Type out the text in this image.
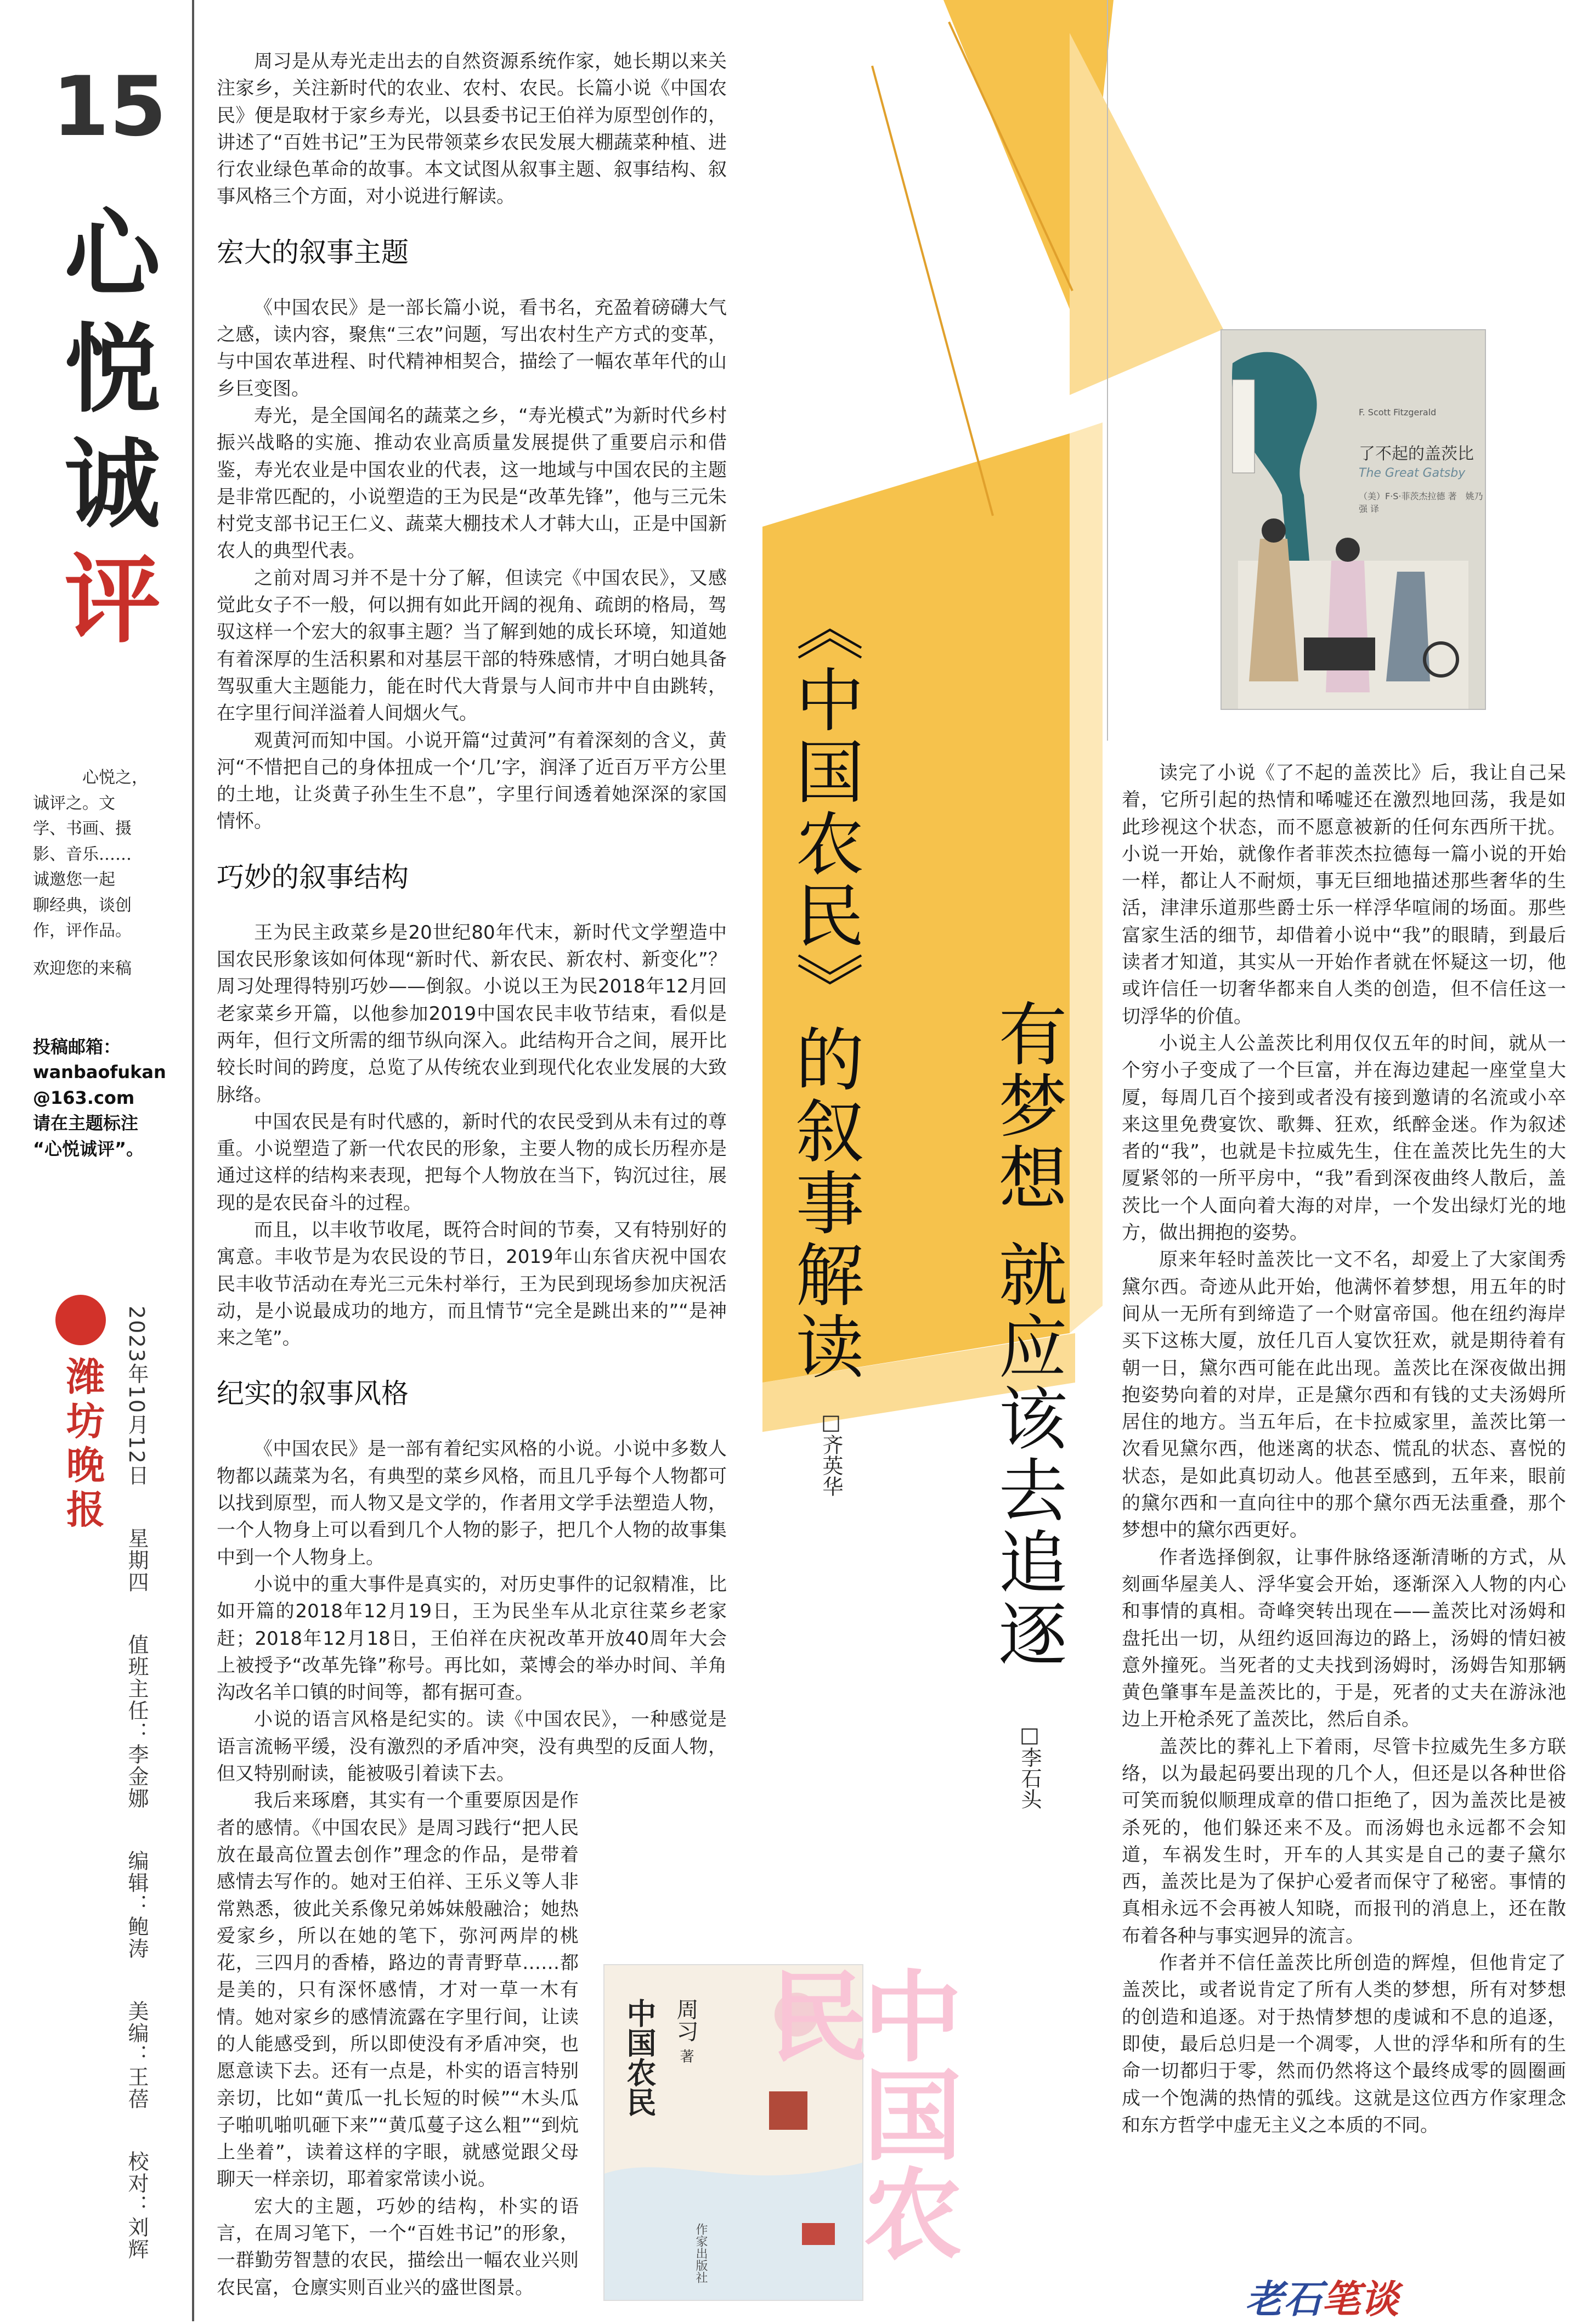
15
心
悦
诚
评
心悦之，
诚评之。文
学、书画、摄
影、音乐……
诚邀您一起
聊经典，谈创
作，评作品。
欢迎您的来稿
投稿邮箱：
wanbaofukan
@163.com
请在主题标注
“心悦诚评”。
潍
坊
晚
报
2023年10月12日 星期四 值班主任：李金娜 编辑：鲍涛 美编：王蓓 校对：刘辉

周习是从寿光走出去的自然资源系统作家，她长期以来关注家乡，关注新时代的农业、农村、农民。长篇小说《中国农民》便是取材于家乡寿光，以县委书记王伯祥为原型创作的，讲述了“百姓书记”王为民带领菜乡农民发展大棚蔬菜种植、进行农业绿色革命的故事。本文试图从叙事主题、叙事结构、叙事风格三个方面，对小说进行解读。

宏大的叙事主题

《中国农民》是一部长篇小说，看书名，充盈着磅礴大气之感，读内容，聚焦“三农”问题，写出农村生产方式的变革，与中国农革进程、时代精神相契合，描绘了一幅农革年代的山乡巨变图。

寿光，是全国闻名的蔬菜之乡，“寿光模式”为新时代乡村振兴战略的实施、推动农业高质量发展提供了重要启示和借鉴，寿光农业是中国农业的代表，这一地域与中国农民的主题是非常匹配的，小说塑造的王为民是“改革先锋”，他与三元朱村党支部书记王仁义、蔬菜大棚技术人才韩大山，正是中国新农人的典型代表。

之前对周习并不是十分了解，但读完《中国农民》，又感觉此女子不一般，何以拥有如此开阔的视角、疏朗的格局，驾驭这样一个宏大的叙事主题？当了解到她的成长环境，知道她有着深厚的生活积累和对基层干部的特殊感情，才明白她具备驾驭重大主题能力，能在时代大背景与人间市井中自由跳转，在字里行间洋溢着人间烟火气。

观黄河而知中国。小说开篇“过黄河”有着深刻的含义，黄河“不惜把自己的身体扭成一个‘几’字，润泽了近百万平方公里的土地，让炎黄子孙生生不息”，字里行间透着她深深的家国情怀。

巧妙的叙事结构

王为民主政菜乡是20世纪80年代末，新时代文学塑造中国农民形象该如何体现“新时代、新农民、新农村、新变化”？周习处理得特别巧妙——倒叙。小说以王为民2018年12月回老家菜乡开篇，以他参加2019中国农民丰收节结束，看似是两年，但行文所需的细节纵向深入。此结构开合之间，展开比较长时间的跨度，总览了从传统农业到现代化农业发展的大致脉络。

中国农民是有时代感的，新时代的农民受到从未有过的尊重。小说塑造了新一代农民的形象，主要人物的成长历程亦是通过这样的结构来表现，把每个人物放在当下，钩沉过往，展现的是农民奋斗的过程。

而且，以丰收节收尾，既符合时间的节奏，又有特别好的寓意。丰收节是为农民设的节日，2019年山东省庆祝中国农民丰收节活动在寿光三元朱村举行，王为民到现场参加庆祝活动，是小说最成功的地方，而且情节“完全是跳出来的”“是神来之笔”。

纪实的叙事风格

《中国农民》是一部有着纪实风格的小说。小说中多数人物都以蔬菜为名，有典型的菜乡风格，而且几乎每个人物都可以找到原型，而人物又是文学的，作者用文学手法塑造人物，一个人物身上可以看到几个人物的影子，把几个人物的故事集中到一个人物身上。

小说中的重大事件是真实的，对历史事件的记叙精准，比如开篇的2018年12月19日，王为民坐车从北京往菜乡老家赶；2018年12月18日，王伯祥在庆祝改革开放40周年大会上被授予“改革先锋”称号。再比如，菜博会的举办时间、羊角沟改名羊口镇的时间等，都有据可查。

小说的语言风格是纪实的。读《中国农民》，一种感觉是语言流畅平缓，没有激烈的矛盾冲突，没有典型的反面人物，但又特别耐读，能被吸引着读下去。

我后来琢磨，其实有一个重要原因是作者的感情。《中国农民》是周习践行“把人民放在最高位置去创作”理念的作品，是带着感情去写作的。她对王伯祥、王乐义等人非常熟悉，彼此关系像兄弟姊妹般融洽；她热爱家乡，所以在她的笔下，弥河两岸的桃花，三四月的香椿，路边的青青野草……都是美的，只有深怀感情，才对一草一木有情。她对家乡的感情流露在字里行间，让读的人能感受到，所以即使没有矛盾冲突，也愿意读下去。还有一点是，朴实的语言特别亲切，比如“黄瓜一扎长短的时候”“木头瓜子啪叽啪叽砸下来”“黄瓜蔓子这么粗”“到炕上坐着”，读着这样的字眼，就感觉跟父母聊天一样亲切，耶着家常读小说。

宏大的主题，巧妙的结构，朴实的语言，在周习笔下，一个“百姓书记”的形象，一群勤劳智慧的农民，描绘出一幅农业兴则农民富，仓廪实则百业兴的盛世图景。

《中国农民》的叙事解读
□齐英华 有梦想 就应该去追逐
□李石头

读完了小说《了不起的盖茨比》后，我让自己呆着，它所引起的热情和唏嘘还在激烈地回荡，我是如此珍视这个状态，而不愿意被新的任何东西所干扰。小说一开始，就像作者菲茨杰拉德每一篇小说的开始一样，都让人不耐烦，事无巨细地描述那些奢华的生活，津津乐道那些爵士乐一样浮华喧闹的场面。那些富家生活的细节，却借着小说中“我”的眼睛，到最后读者才知道，其实从一开始作者就在怀疑这一切，他或许信任一切奢华都来自人类的创造，但不信任这一切浮华的价值。

小说主人公盖茨比利用仅仅五年的时间，就从一个穷小子变成了一个巨富，并在海边建起一座堂皇大厦，每周几百个接到或者没有接到邀请的名流或小卒来这里免费宴饮、歌舞、狂欢，纸醉金迷。作为叙述者的“我”，也就是卡拉威先生，住在盖茨比先生的大厦紧邻的一所平房中，“我”看到深夜曲终人散后，盖茨比一个人面向着大海的对岸，一个发出绿灯光的地方，做出拥抱的姿势。

原来年轻时盖茨比一文不名，却爱上了大家闺秀黛尔西。奇迹从此开始，他满怀着梦想，用五年的时间从一无所有到缔造了一个财富帝国。他在纽约海岸买下这栋大厦，放任几百人宴饮狂欢，就是期待着有朝一日，黛尔西可能在此出现。盖茨比在深夜做出拥抱姿势向着的对岸，正是黛尔西和有钱的丈夫汤姆所居住的地方。当五年后，在卡拉威家里，盖茨比第一次看见黛尔西，他迷离的状态、慌乱的状态、喜悦的状态，是如此真切动人。他甚至感到，五年来，眼前的黛尔西和一直向往中的那个黛尔西无法重叠，那个梦想中的黛尔西更好。

作者选择倒叙，让事件脉络逐渐清晰的方式，从刻画华屋美人、浮华宴会开始，逐渐深入人物的内心和事情的真相。奇峰突转出现在——盖茨比对汤姆和盘托出一切，从纽约返回海边的路上，汤姆的情妇被意外撞死。当死者的丈夫找到汤姆时，汤姆告知那辆黄色肇事车是盖茨比的，于是，死者的丈夫在游泳池边上开枪杀死了盖茨比，然后自杀。

盖茨比的葬礼上下着雨，尽管卡拉威先生多方联络，以为最起码要出现的几个人，但还是以各种世俗可笑而貌似顺理成章的借口拒绝了，因为盖茨比是被杀死的，他们躲还来不及。而汤姆也永远都不会知道，车祸发生时，开车的人其实是自己的妻子黛尔西，盖茨比是为了保护心爱者而保守了秘密。事情的真相永远不会再被人知晓，而报刊的消息上，还在散布着各种与事实迥异的流言。

作者并不信任盖茨比所创造的辉煌，但他肯定了盖茨比，或者说肯定了所有人类的梦想，所有对梦想的创造和追逐。对于热情梦想的虔诚和不息的追逐，即使，最后总归是一个凋零，人世的浮华和所有的生命一切都归于零，然而仍然将这个最终成零的圆圈画成一个饱满的热情的弧线。这就是这位西方作家理念和东方哲学中虚无主义之本质的不同。

F. Scott Fitzgerald
了不起的盖茨比
The Great Gatsby
（美）F·S·菲茨杰拉德 著　姚乃强 译
中国农民
中国农民 周习 著
作家出版社
老石笔谈
